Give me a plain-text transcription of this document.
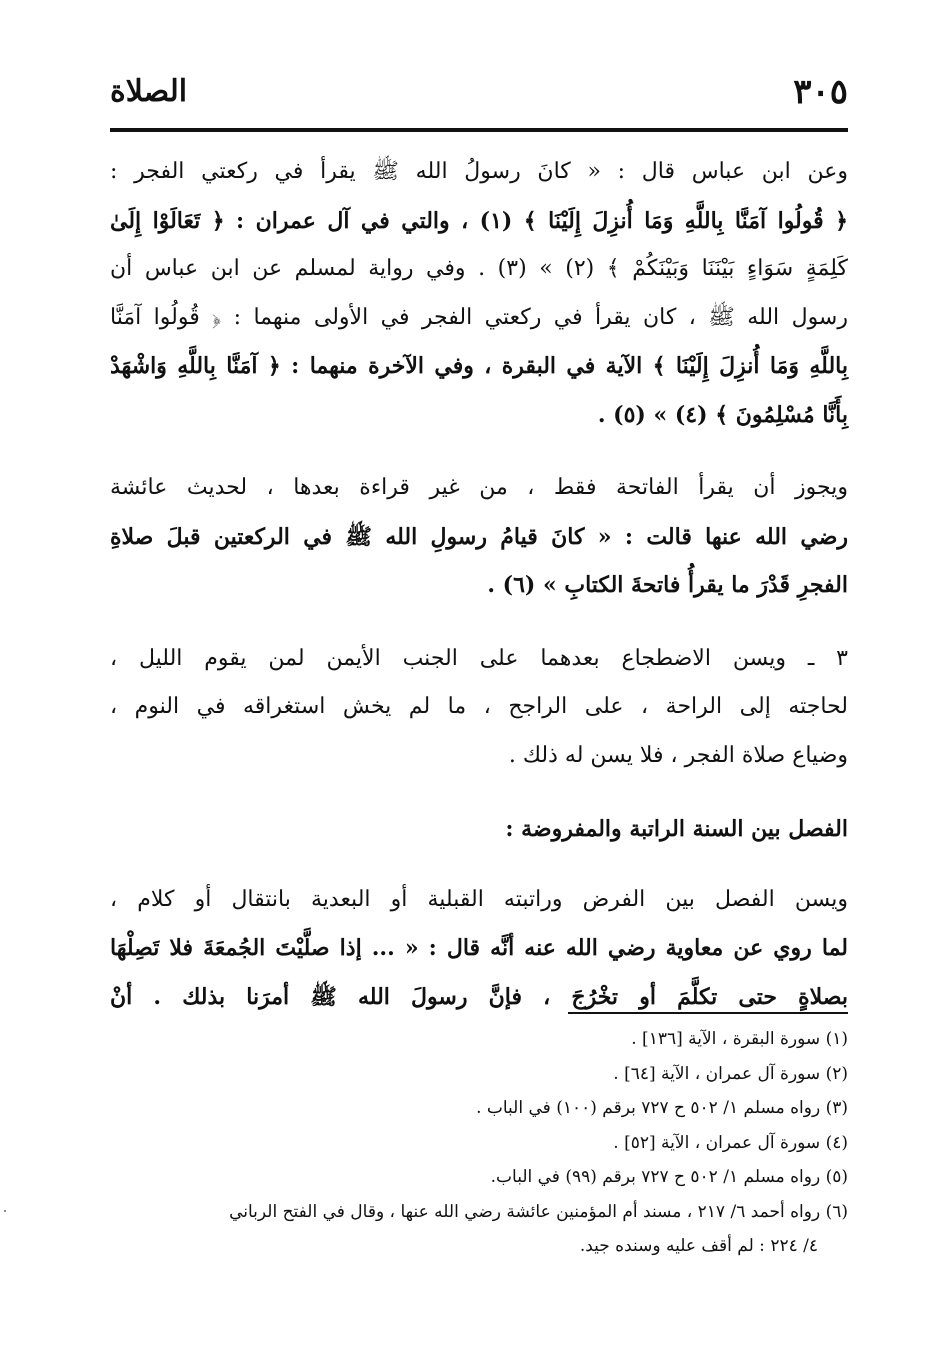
٣٠٥
الصلاة
وعن ابن عباس قال : « كانَ رسولُ الله ﷺ يقرأ في ركعتي الفجر :
﴿ قُولُوا آمَنَّا بِاللَّهِ وَمَا أُنزِلَ إِلَيْنَا ﴾ (١) ، والتي في آل عمران : ﴿ تَعَالَوْا إِلَىٰ
كَلِمَةٍ سَوَاءٍ بَيْنَنَا وَبَيْنَكُمْ ﴾ (٢) » (٣) . وفي رواية لمسلم عن ابن عباس أن
رسول الله ﷺ ، كان يقرأ في ركعتي الفجر في الأولى منهما : ﴿ قُولُوا آمَنَّا
بِاللَّهِ وَمَا أُنزِلَ إِلَيْنَا ﴾ الآية في البقرة ، وفي الآخرة منهما : ﴿ آمَنَّا بِاللَّهِ وَاشْهَدْ
بِأَنَّا مُسْلِمُونَ ﴾ (٤) » (٥) .
ويجوز أن يقرأ الفاتحة فقط ، من غير قراءة بعدها ، لحديث عائشة
رضي الله عنها قالت : « كانَ قيامُ رسولِ الله ﷺ في الركعتين قبلَ صلاةِ
الفجرِ قَدْرَ ما يقرأُ فاتحةَ الكتابِ » (٦) .
٣ ـ ويسن الاضطجاع بعدهما على الجنب الأيمن لمن يقوم الليل ،
لحاجته إلى الراحة ، على الراجح ، ما لم يخش استغراقه في النوم ،
وضياع صلاة الفجر ، فلا يسن له ذلك .
الفصل بين السنة الراتبة والمفروضة :
ويسن الفصل بين الفرض وراتبته القبلية أو البعدية بانتقال أو كلام ،
لما روي عن معاوية رضي الله عنه أنَّه قال : « ... إذا صلَّيْتَ الجُمعَةَ فلا تَصِلْهَا
بصلاةٍ حتى تكلَّمَ أو تخْرُجَ ، فإنَّ رسولَ الله ﷺ أمرَنا بذلك . أنْ
(١) سورة البقرة ، الآية [١٣٦] .
(٢) سورة آل عمران ، الآية [٦٤] .
(٣) رواه مسلم ١/ ٥٠٢ ح ٧٢٧ برقم (١٠٠) في الباب .
(٤) سورة آل عمران ، الآية [٥٢] .
(٥) رواه مسلم ١/ ٥٠٢ ح ٧٢٧ برقم (٩٩) في الباب.
(٦) رواه أحمد ٦/ ٢١٧ ، مسند أم المؤمنين عائشة رضي الله عنها ، وقال في الفتح الرباني
٤/ ٢٢٤ : لم أقف عليه وسنده جيد.
